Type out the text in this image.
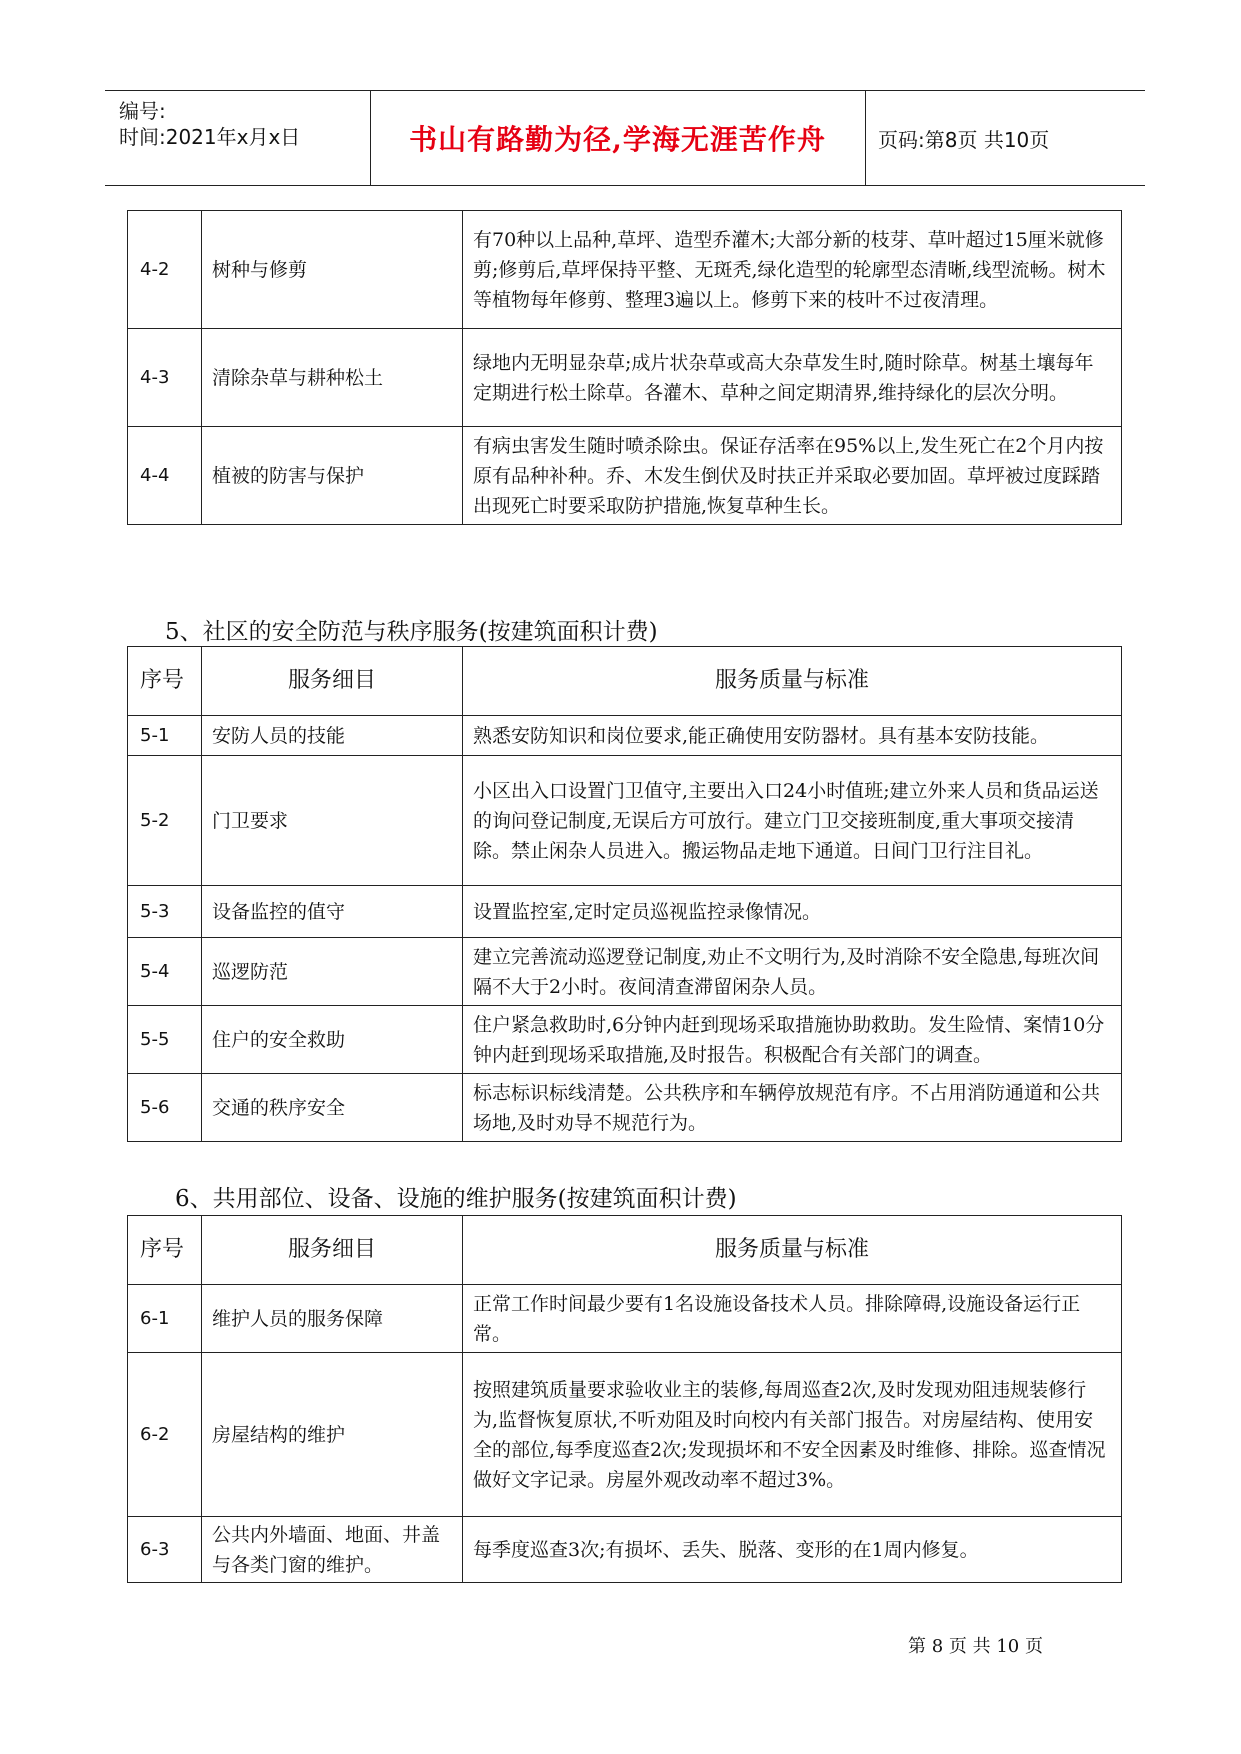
编号:
时间:2021年x月x日	书山有路勤为径,学海无涯苦作舟	页码:第8页 共10页
4-2	树种与修剪	有70种以上品种,草坪、造型乔灌木;大部分新的枝芽、草叶超过15厘米就修剪;修剪后,草坪保持平整、无斑秃,绿化造型的轮廓型态清晰,线型流畅。树木等植物每年修剪、整理3遍以上。修剪下来的枝叶不过夜清理。
4-3	清除杂草与耕种松土	绿地内无明显杂草;成片状杂草或高大杂草发生时,随时除草。树基土壤每年定期进行松土除草。各灌木、草种之间定期清界,维持绿化的层次分明。
4-4	植被的防害与保护	有病虫害发生随时喷杀除虫。保证存活率在95%以上,发生死亡在2个月内按原有品种补种。乔、木发生倒伏及时扶正并采取必要加固。草坪被过度踩踏出现死亡时要采取防护措施,恢复草种生长。
5、社区的安全防范与秩序服务(按建筑面积计费)
序号	服务细目	服务质量与标准
5-1	安防人员的技能	熟悉安防知识和岗位要求,能正确使用安防器材。具有基本安防技能。
5-2	门卫要求	小区出入口设置门卫值守,主要出入口24小时值班;建立外来人员和货品运送的询问登记制度,无误后方可放行。建立门卫交接班制度,重大事项交接清除。禁止闲杂人员进入。搬运物品走地下通道。日间门卫行注目礼。
5-3	设备监控的值守	设置监控室,定时定员巡视监控录像情况。
5-4	巡逻防范	建立完善流动巡逻登记制度,劝止不文明行为,及时消除不安全隐患,每班次间隔不大于2小时。夜间清查滞留闲杂人员。
5-5	住户的安全救助	住户紧急救助时,6分钟内赶到现场采取措施协助救助。发生险情、案情10分钟内赶到现场采取措施,及时报告。积极配合有关部门的调查。
5-6	交通的秩序安全	标志标识标线清楚。公共秩序和车辆停放规范有序。不占用消防通道和公共场地,及时劝导不规范行为。
6、共用部位、设备、设施的维护服务(按建筑面积计费)
序号	服务细目	服务质量与标准
6-1	维护人员的服务保障	正常工作时间最少要有1名设施设备技术人员。排除障碍,设施设备运行正常。
6-2	房屋结构的维护	按照建筑质量要求验收业主的装修,每周巡查2次,及时发现劝阻违规装修行为,监督恢复原状,不听劝阻及时向校内有关部门报告。对房屋结构、使用安全的部位,每季度巡查2次;发现损坏和不安全因素及时维修、排除。巡查情况做好文字记录。房屋外观改动率不超过3%。
6-3	公共内外墙面、地面、井盖与各类门窗的维护。	每季度巡查3次;有损坏、丢失、脱落、变形的在1周内修复。
第 8 页 共 10 页
